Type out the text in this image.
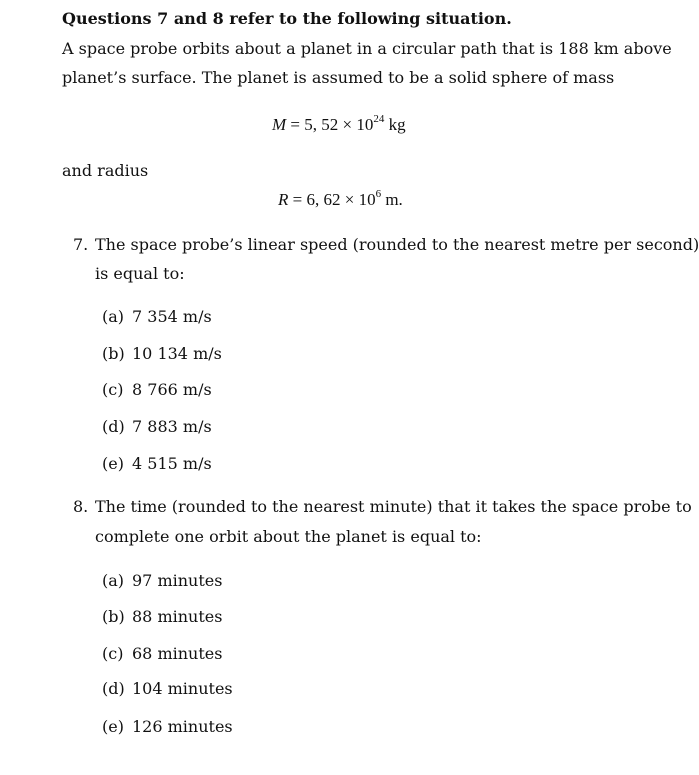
Questions 7 and 8 refer to the following situation.
A space probe orbits about a planet in a circular path that is 188 km above
planet’s surface. The planet is assumed to be a solid sphere of mass
M = 5, $52 \times 10^{24}$ kg
and radius
R = 6, $62 \times 10^6$ m.
7. The space probe’s linear speed (rounded to the nearest metre per second)
is equal to:
(a) 7 354 m/s
(b) 10 134 m/s
(c) 8 766 m/s
(d) 7 883 m/s
(e) 4 515 m/s
8. The time (rounded to the nearest minute) that it takes the space probe to
complete one orbit about the planet is equal to:
(a) 97 minutes
(b) 88 minutes
(c) 68 minutes
(d) 104 minutes
(e) 126 minutes
